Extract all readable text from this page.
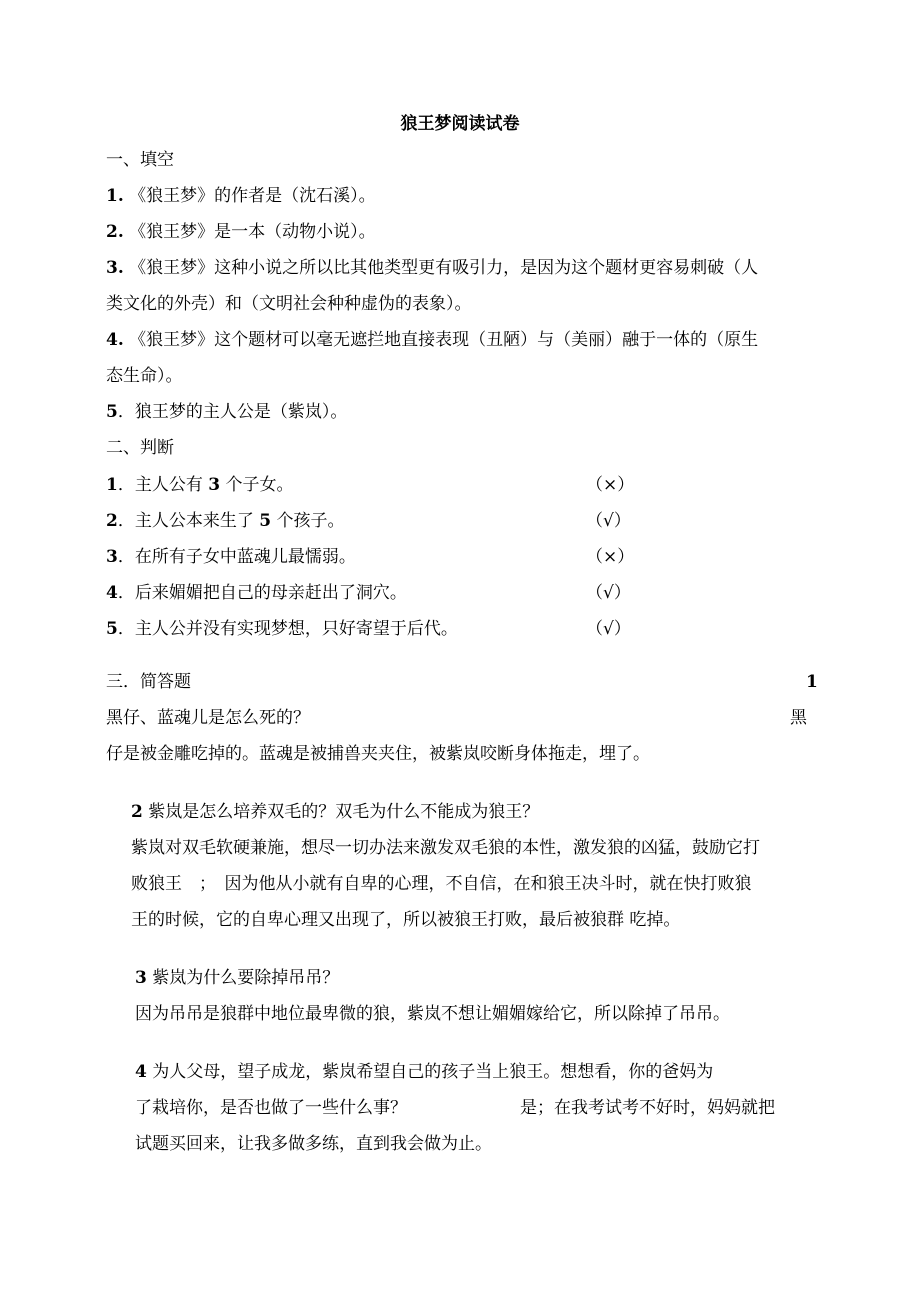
狼王梦阅读试卷
一、填空
1. 《狼王梦》的作者是（沈石溪）。
2. 《狼王梦》是一本（动物小说）。
3. 《狼王梦》这种小说之所以比其他类型更有吸引力，是因为这个题材更容易刺破（人
类文化的外壳）和（文明社会种种虚伪的表象）。
4. 《狼王梦》这个题材可以毫无遮拦地直接表现（丑陋）与（美丽）融于一体的（原生
态生命）。
5．狼王梦的主人公是（紫岚）。
二、判断
1．主人公有 3 个子女。	（×）
2．主人公本来生了 5 个孩子。	（√）
3．在所有子女中蓝魂儿最懦弱。	（×）
4．后来媚媚把自己的母亲赶出了洞穴。	（√）
5．主人公并没有实现梦想，只好寄望于后代。	（√）
三．简答题	1
黑仔、蓝魂儿是怎么死的？	黑
仔是被金雕吃掉的。蓝魂是被捕兽夹夹住，被紫岚咬断身体拖走，埋了。
2 紫岚是怎么培养双毛的？双毛为什么不能成为狼王？
紫岚对双毛软硬兼施，想尽一切办法来激发双毛狼的本性，激发狼的凶猛，鼓励它打
败狼王　；　因为他从小就有自卑的心理，不自信，在和狼王决斗时，就在快打败狼
王的时候，它的自卑心理又出现了，所以被狼王打败，最后被狼群 吃掉。
3 紫岚为什么要除掉吊吊？
因为吊吊是狼群中地位最卑微的狼，紫岚不想让媚媚嫁给它，所以除掉了吊吊。
4 为人父母，望子成龙，紫岚希望自己的孩子当上狼王。想想看，你的爸妈为
了栽培你，是否也做了一些什么事？	是；在我考试考不好时，妈妈就把
试题买回来，让我多做多练，直到我会做为止。
